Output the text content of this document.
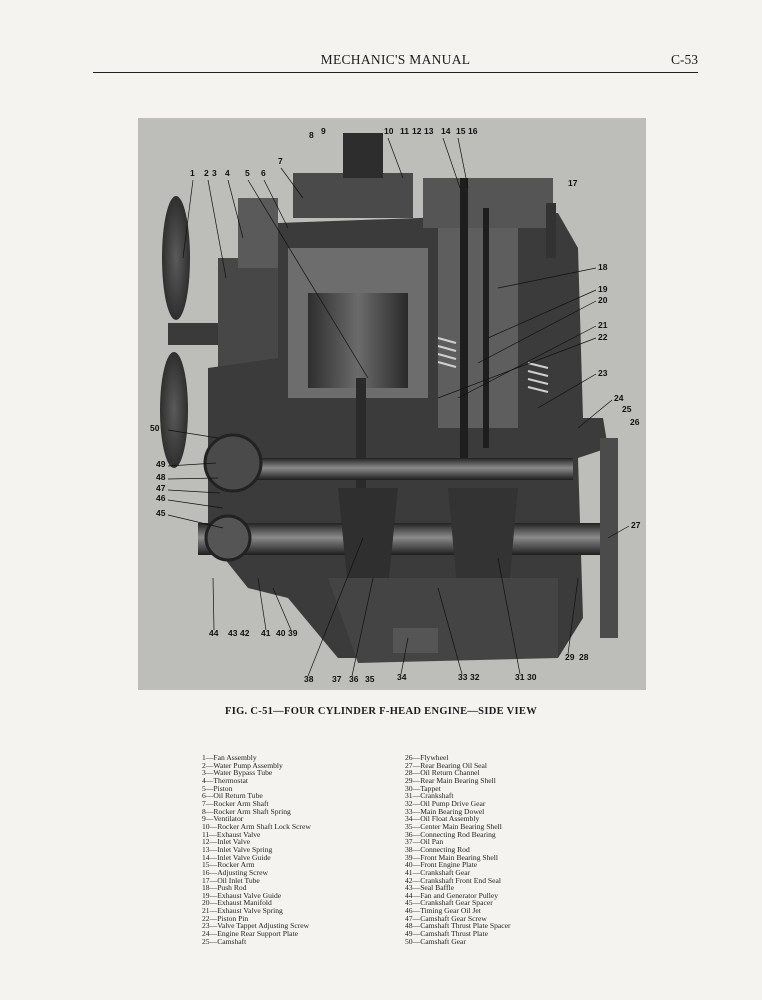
MECHANIC'S MANUAL	C-53
1 2 3 4 5 6
7
8 9	10 11 12 13 14 15 16
17
18
19
20
21
22
23
24
25
26
27
28
29
30
31
32
33
34
35
36
37
38
39
40
41
42
43
44
45
46
47
48
49
50
FIG. C-51—FOUR CYLINDER F-HEAD ENGINE—SIDE VIEW
1—Fan Assembly
2—Water Pump Assembly
3—Water Bypass Tube
4—Thermostat
5—Piston
6—Oil Return Tube
7—Rocker Arm Shaft
8—Rocker Arm Shaft Spring
9—Ventilator
10—Rocker Arm Shaft Lock Screw
11—Exhaust Valve
12—Inlet Valve
13—Inlet Valve Spring
14—Inlet Valve Guide
15—Rocker Arm
16—Adjusting Screw
17—Oil Inlet Tube
18—Push Rod
19—Exhaust Valve Guide
20—Exhaust Manifold
21—Exhaust Valve Spring
22—Piston Pin
23—Valve Tappet Adjusting Screw
24—Engine Rear Support Plate
25—Camshaft
26—Flywheel
27—Rear Bearing Oil Seal
28—Oil Return Channel
29—Rear Main Bearing Shell
30—Tappet
31—Crankshaft
32—Oil Pump Drive Gear
33—Main Bearing Dowel
34—Oil Float Assembly
35—Center Main Bearing Shell
36—Connecting Rod Bearing
37—Oil Pan
38—Connecting Rod
39—Front Main Bearing Shell
40—Front Engine Plate
41—Crankshaft Gear
42—Crankshaft Front End Seal
43—Seal Baffle
44—Fan and Generator Pulley
45—Crankshaft Gear Spacer
46—Timing Gear Oil Jet
47—Camshaft Gear Screw
48—Camshaft Thrust Plate Spacer
49—Camshaft Thrust Plate
50—Camshaft Gear
